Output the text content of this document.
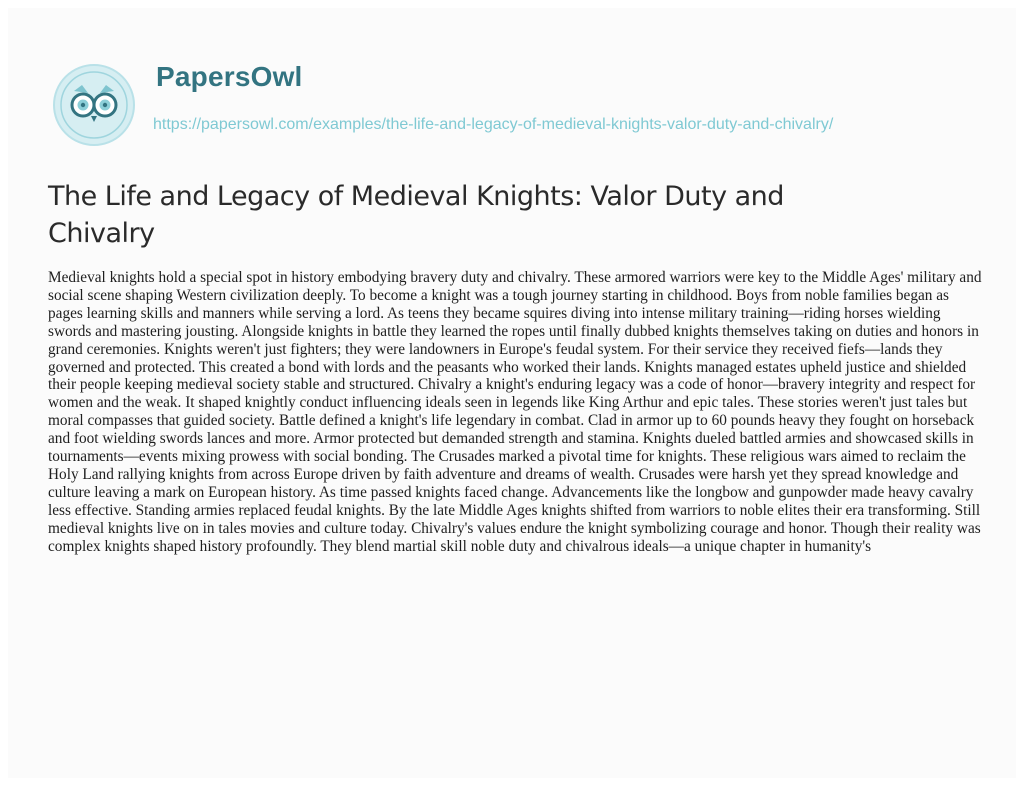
PapersOwl
https://papersowl.com/examples/the-life-and-legacy-of-medieval-knights-valor-duty-and-chivalry/
The Life and Legacy of Medieval Knights: Valor Duty and Chivalry

Medieval knights hold a special spot in history embodying bravery duty and chivalry. These armored warriors were key to the Middle Ages' military and social scene shaping Western civilization deeply. To become a knight was a tough journey starting in childhood. Boys from noble families began as pages learning skills and manners while serving a lord. As teens they became squires diving into intense military training—riding horses wielding swords and mastering jousting. Alongside knights in battle they learned the ropes until finally dubbed knights themselves taking on duties and honors in grand ceremonies. Knights weren't just fighters; they were landowners in Europe's feudal system. For their service they received fiefs—lands they governed and protected. This created a bond with lords and the peasants who worked their lands. Knights managed estates upheld justice and shielded their people keeping medieval society stable and structured. Chivalry a knight's enduring legacy was a code of honor—bravery integrity and respect for women and the weak. It shaped knightly conduct influencing ideals seen in legends like King Arthur and epic tales. These stories weren't just tales but moral compasses that guided society. Battle defined a knight's life legendary in combat. Clad in armor up to 60 pounds heavy they fought on horseback and foot wielding swords lances and more. Armor protected but demanded strength and stamina. Knights dueled battled armies and showcased skills in tournaments—events mixing prowess with social bonding. The Crusades marked a pivotal time for knights. These religious wars aimed to reclaim the Holy Land rallying knights from across Europe driven by faith adventure and dreams of wealth. Crusades were harsh yet they spread knowledge and culture leaving a mark on European history. As time passed knights faced change. Advancements like the longbow and gunpowder made heavy cavalry less effective. Standing armies replaced feudal knights. By the late Middle Ages knights shifted from warriors to noble elites their era transforming. Still medieval knights live on in tales movies and culture today. Chivalry's values endure the knight symbolizing courage and honor. Though their reality was complex knights shaped history profoundly. They blend martial skill noble duty and chivalrous ideals—a unique chapter in humanity's
